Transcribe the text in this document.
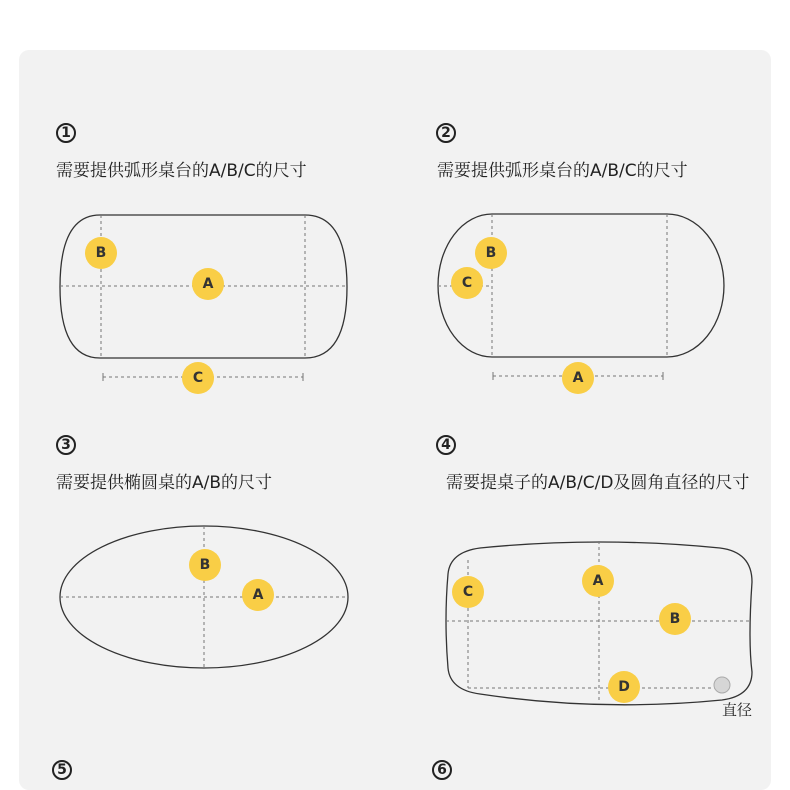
1
需要提供弧形桌台的A/B/C的尺寸
2
需要提供弧形桌台的A/B/C的尺寸
3
需要提供椭圆桌的A/B的尺寸
4
需要提桌子的A/B/C/D及圆角直径的尺寸
5	6
A
B
C
B
C
A
B
A
直径
C
A
B
D
